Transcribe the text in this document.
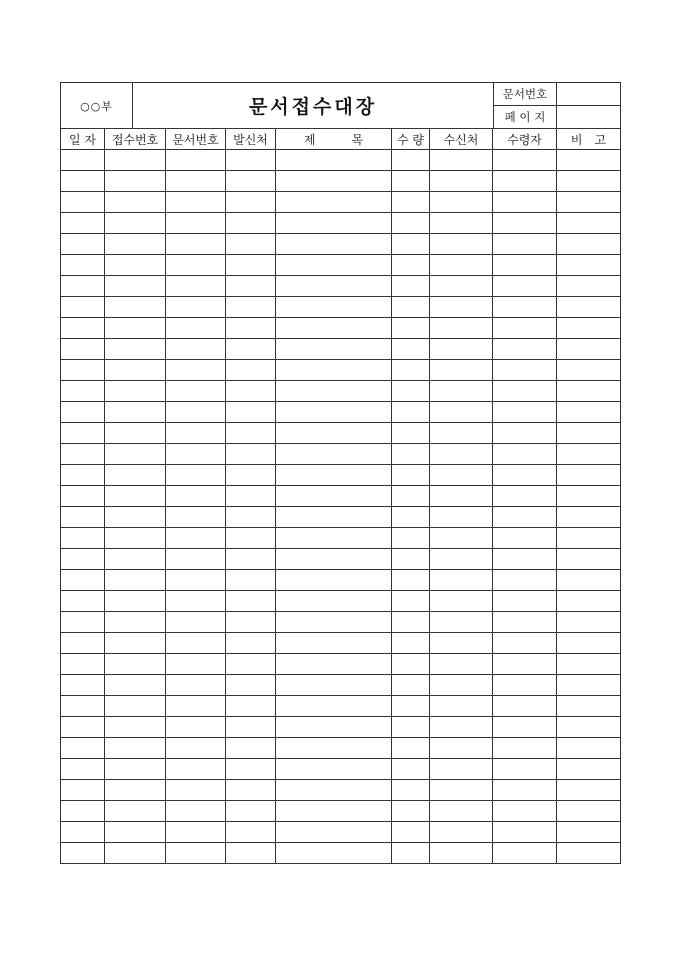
○○부	문서접수대장	문서번호	
		페 이 지	
일 자	접수번호	문서번호	발신처	제　　　목	수 량	수신처	수령자	비　고
